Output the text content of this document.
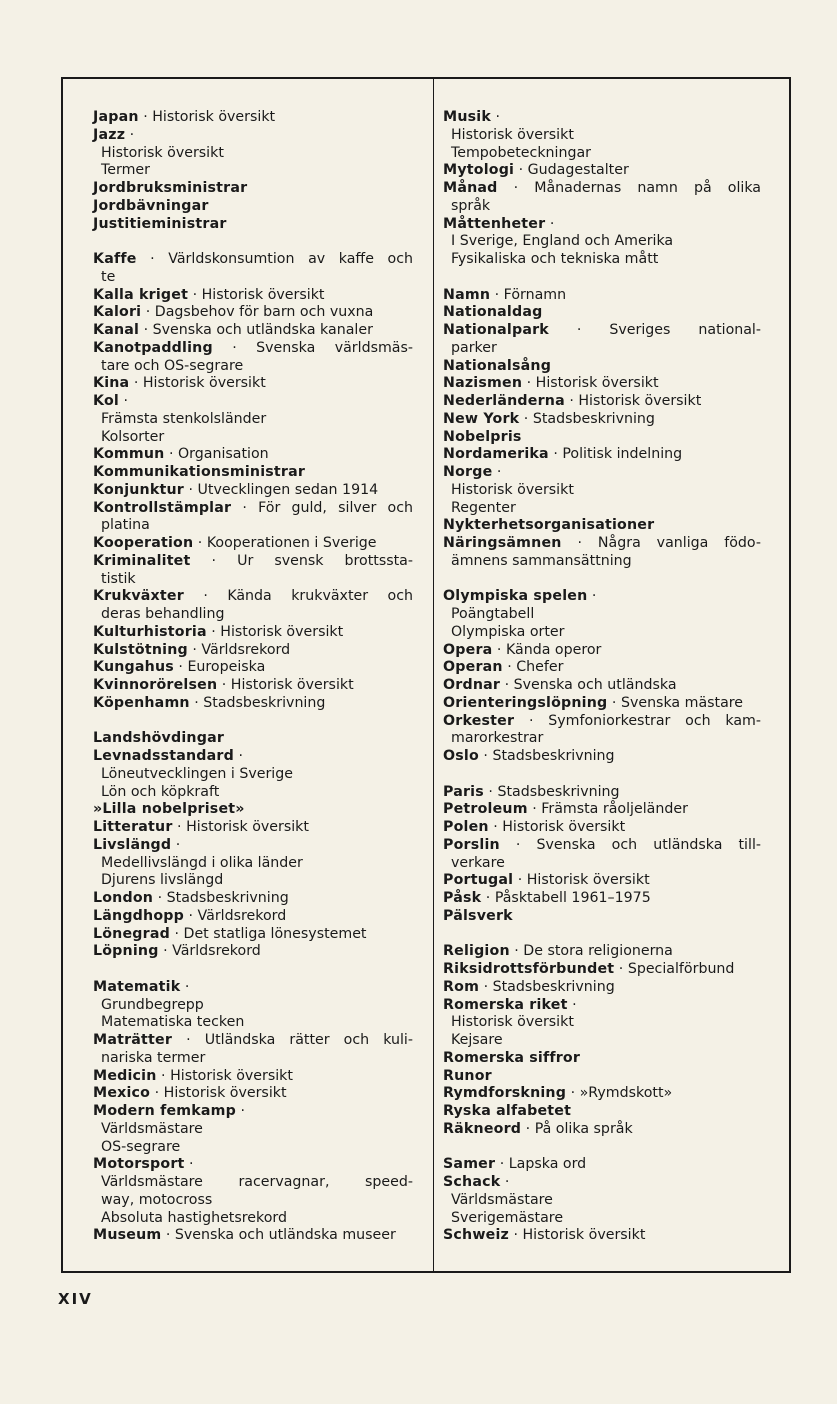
Japan · Historisk översikt
Jazz ·
Historisk översikt
Termer
Jordbruksministrar
Jordbävningar
Justitieministrar
Kaffe · Världskonsumtion av kaffe och
te
Kalla kriget · Historisk översikt
Kalori · Dagsbehov för barn och vuxna
Kanal · Svenska och utländska kanaler
Kanotpaddling · Svenska världsmäs-
tare och OS-segrare
Kina · Historisk översikt
Kol ·
Främsta stenkolsländer
Kolsorter
Kommun · Organisation
Kommunikationsministrar
Konjunktur · Utvecklingen sedan 1914
Kontrollstämplar · För guld, silver och
platina
Kooperation · Kooperationen i Sverige
Kriminalitet · Ur svensk brottssta-
tistik
Krukväxter · Kända krukväxter och
deras behandling
Kulturhistoria · Historisk översikt
Kulstötning · Världsrekord
Kungahus · Europeiska
Kvinnorörelsen · Historisk översikt
Köpenhamn · Stadsbeskrivning
Landshövdingar
Levnadsstandard ·
Löneutvecklingen i Sverige
Lön och köpkraft
»Lilla nobelpriset»
Litteratur · Historisk översikt
Livslängd ·
Medellivslängd i olika länder
Djurens livslängd
London · Stadsbeskrivning
Längdhopp · Världsrekord
Lönegrad · Det statliga lönesystemet
Löpning · Världsrekord
Matematik ·
Grundbegrepp
Matematiska tecken
Maträtter · Utländska rätter och kuli-
nariska termer
Medicin · Historisk översikt
Mexico · Historisk översikt
Modern femkamp ·
Världsmästare
OS-segrare
Motorsport ·
Världsmästare racervagnar, speed-
way, motocross
Absoluta hastighetsrekord
Museum · Svenska och utländska museer
Musik ·
Historisk översikt
Tempobeteckningar
Mytologi · Gudagestalter
Månad · Månadernas namn på olika
språk
Måttenheter ·
I Sverige, England och Amerika
Fysikaliska och tekniska mått
Namn · Förnamn
Nationaldag
Nationalpark · Sveriges national-
parker
Nationalsång
Nazismen · Historisk översikt
Nederländerna · Historisk översikt
New York · Stadsbeskrivning
Nobelpris
Nordamerika · Politisk indelning
Norge ·
Historisk översikt
Regenter
Nykterhetsorganisationer
Näringsämnen · Några vanliga födo-
ämnens sammansättning
Olympiska spelen ·
Poängtabell
Olympiska orter
Opera · Kända operor
Operan · Chefer
Ordnar · Svenska och utländska
Orienteringslöpning · Svenska mästare
Orkester · Symfoniorkestrar och kam-
marorkestrar
Oslo · Stadsbeskrivning
Paris · Stadsbeskrivning
Petroleum · Främsta råoljeländer
Polen · Historisk översikt
Porslin · Svenska och utländska till-
verkare
Portugal · Historisk översikt
Påsk · Påsktabell 1961–1975
Pälsverk
Religion · De stora religionerna
Riksidrottsförbundet · Specialförbund
Rom · Stadsbeskrivning
Romerska riket ·
Historisk översikt
Kejsare
Romerska siffror
Runor
Rymdforskning · »Rymdskott»
Ryska alfabetet
Räkneord · På olika språk
Samer · Lapska ord
Schack ·
Världsmästare
Sverigemästare
Schweiz · Historisk översikt
XIV
